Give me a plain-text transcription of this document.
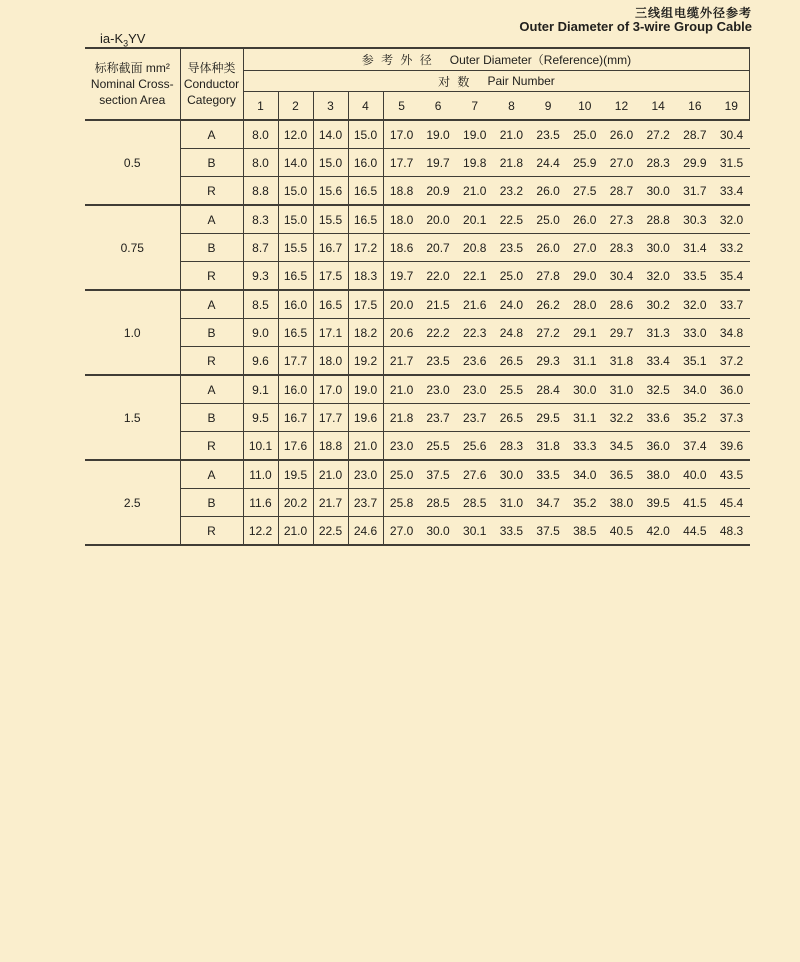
三线组电缆外径参考
Outer Diameter of 3-wire Group Cable
$ia-K_3YV$
标称截面 mm²
Nominal Cross-
section Area

导体种类
Conductor
Category

参 考 外 径 Outer Diameter（Reference)(mm)

		对 数 Pair Number													

		1	2	3	4	5	6	7	8	9	10	12	14	16	19
0.5	A	8.0	12.0	14.0	15.0	17.0	19.0	19.0	21.0	23.5	25.0	26.0	27.2	28.7	30.4
	B	8.0	14.0	15.0	16.0	17.7	19.7	19.8	21.8	24.4	25.9	27.0	28.3	29.9	31.5
	R	8.8	15.0	15.6	16.5	18.8	20.9	21.0	23.2	26.0	27.5	28.7	30.0	31.7	33.4
0.75	A	8.3	15.0	15.5	16.5	18.0	20.0	20.1	22.5	25.0	26.0	27.3	28.8	30.3	32.0
	B	8.7	15.5	16.7	17.2	18.6	20.7	20.8	23.5	26.0	27.0	28.3	30.0	31.4	33.2
	R	9.3	16.5	17.5	18.3	19.7	22.0	22.1	25.0	27.8	29.0	30.4	32.0	33.5	35.4
1.0	A	8.5	16.0	16.5	17.5	20.0	21.5	21.6	24.0	26.2	28.0	28.6	30.2	32.0	33.7
	B	9.0	16.5	17.1	18.2	20.6	22.2	22.3	24.8	27.2	29.1	29.7	31.3	33.0	34.8
	R	9.6	17.7	18.0	19.2	21.7	23.5	23.6	26.5	29.3	31.1	31.8	33.4	35.1	37.2
1.5	A	9.1	16.0	17.0	19.0	21.0	23.0	23.0	25.5	28.4	30.0	31.0	32.5	34.0	36.0
	B	9.5	16.7	17.7	19.6	21.8	23.7	23.7	26.5	29.5	31.1	32.2	33.6	35.2	37.3
	R	10.1	17.6	18.8	21.0	23.0	25.5	25.6	28.3	31.8	33.3	34.5	36.0	37.4	39.6
2.5	A	11.0	19.5	21.0	23.0	25.0	37.5	27.6	30.0	33.5	34.0	36.5	38.0	40.0	43.5
	B	11.6	20.2	21.7	23.7	25.8	28.5	28.5	31.0	34.7	35.2	38.0	39.5	41.5	45.4
	R	12.2	21.0	22.5	24.6	27.0	30.0	30.1	33.5	37.5	38.5	40.5	42.0	44.5	48.3
